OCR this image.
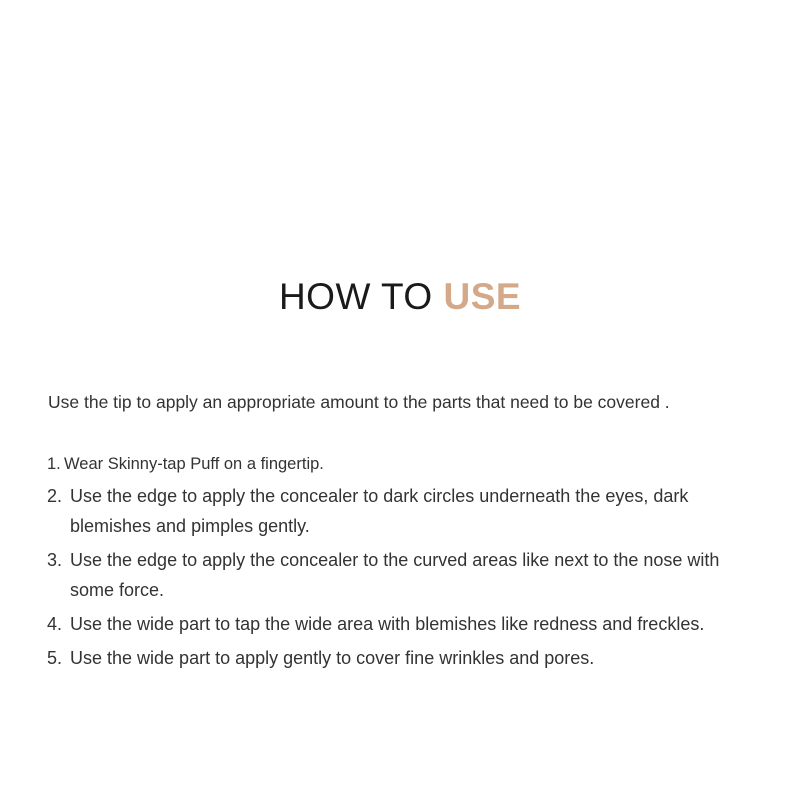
HOW TO USE

Use the tip to apply an appropriate amount to the parts that need to be covered .

1. Wear Skinny-tap Puff on a fingertip.
2. Use the edge to apply the concealer to dark circles underneath the eyes, dark blemishes and pimples gently.
3. Use the edge to apply the concealer to the curved areas like next to the nose with some force.
4. Use the wide part to tap the wide area with blemishes like redness and freckles.
5. Use the wide part to apply gently to cover fine wrinkles and pores.
